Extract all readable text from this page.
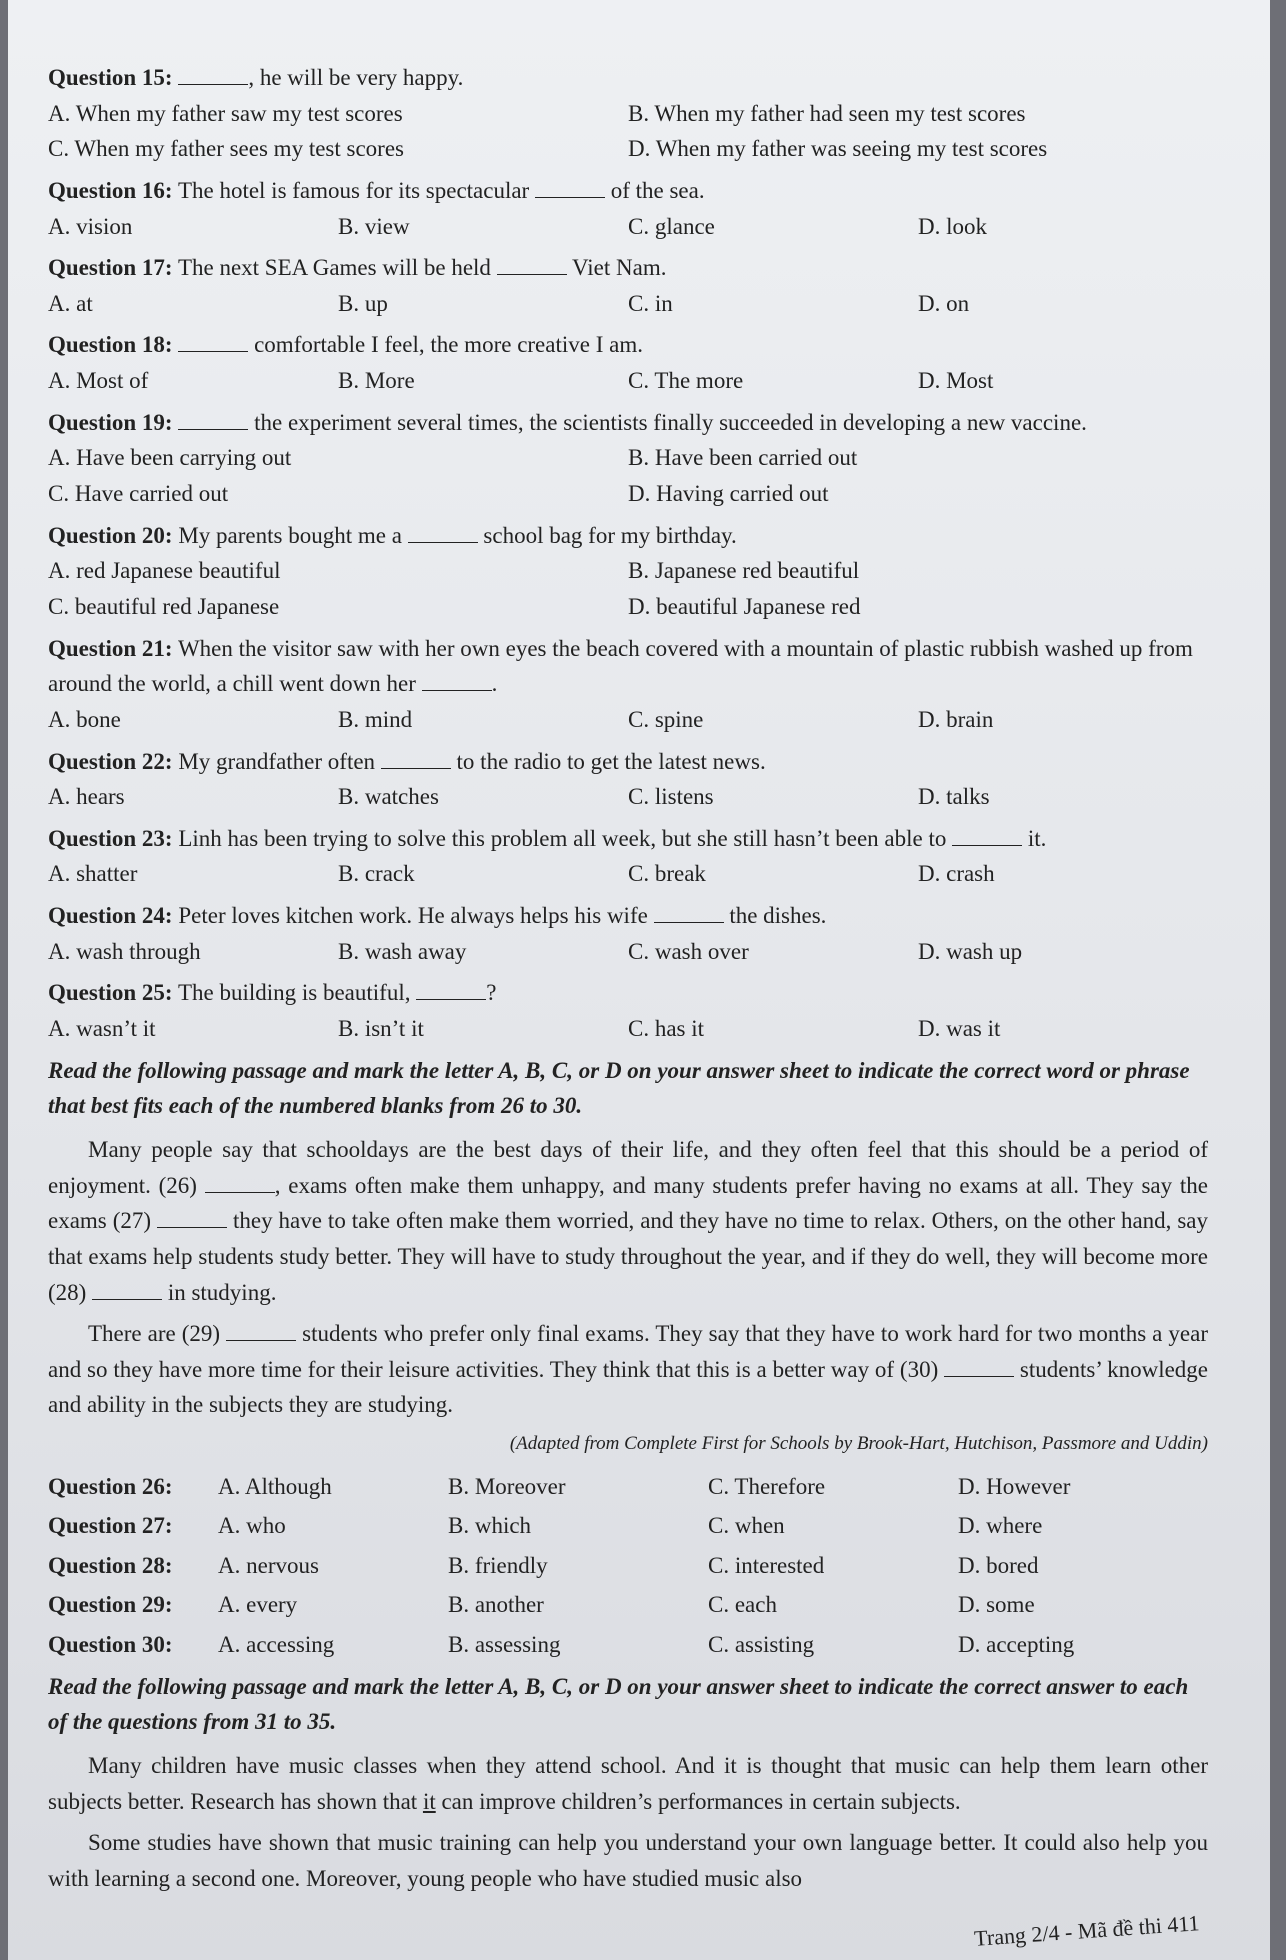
Question 15:	, he will be very happy.
A. When my father saw my test scores	B. When my father had seen my test scores
C. When my father sees my test scores	D. When my father was seeing my test scores
Question 16: The hotel is famous for its spectacular	of the sea.
A. vision	B. view	C. glance	D. look
Question 17: The next SEA Games will be held	Viet Nam.
A. at	B. up	C. in	D. on
Question 18:	comfortable I feel, the more creative I am.
A. Most of	B. More	C. The more	D. Most
Question 19:	the experiment several times, the scientists finally succeeded in developing a new vaccine.
A. Have been carrying out	B. Have been carried out
C. Have carried out	D. Having carried out
Question 20: My parents bought me a	school bag for my birthday.
A. red Japanese beautiful	B. Japanese red beautiful
C. beautiful red Japanese	D. beautiful Japanese red
Question 21: When the visitor saw with her own eyes the beach covered with a mountain of plastic rubbish washed up from around the world, a chill went down her	.
A. bone	B. mind	C. spine	D. brain
Question 22: My grandfather often	to the radio to get the latest news.
A. hears	B. watches	C. listens	D. talks
Question 23: Linh has been trying to solve this problem all week, but she still hasn’t been able to	it.
A. shatter	B. crack	C. break	D. crash
Question 24: Peter loves kitchen work. He always helps his wife	the dishes.
A. wash through	B. wash away	C. wash over	D. wash up
Question 25: The building is beautiful,	?
A. wasn’t it	B. isn’t it	C. has it	D. was it
Read the following passage and mark the letter A, B, C, or D on your answer sheet to indicate the correct word or phrase that best fits each of the numbered blanks from 26 to 30.
Many people say that schooldays are the best days of their life, and they often feel that this should be a period of enjoyment. (26)	, exams often make them unhappy, and many students prefer having no exams at all. They say the exams (27)	they have to take often make them worried, and they have no time to relax. Others, on the other hand, say that exams help students study better. They will have to study throughout the year, and if they do well, they will become more (28)	in studying.
There are (29)	students who prefer only final exams. They say that they have to work hard for two months a year and so they have more time for their leisure activities. They think that this is a better way of (30)	students’ knowledge and ability in the subjects they are studying.
(Adapted from Complete First for Schools by Brook-Hart, Hutchison, Passmore and Uddin)
Question 26:	A. Although	B. Moreover	C. Therefore	D. However
Question 27:	A. who	B. which	C. when	D. where
Question 28:	A. nervous	B. friendly	C. interested	D. bored
Question 29:	A. every	B. another	C. each	D. some
Question 30:	A. accessing	B. assessing	C. assisting	D. accepting
Read the following passage and mark the letter A, B, C, or D on your answer sheet to indicate the correct answer to each of the questions from 31 to 35.
Many children have music classes when they attend school. And it is thought that music can help them learn other subjects better. Research has shown that it can improve children’s performances in certain subjects.
Some studies have shown that music training can help you understand your own language better. It could also help you with learning a second one. Moreover, young people who have studied music also
Trang 2/4 - Mã đề thi 411
